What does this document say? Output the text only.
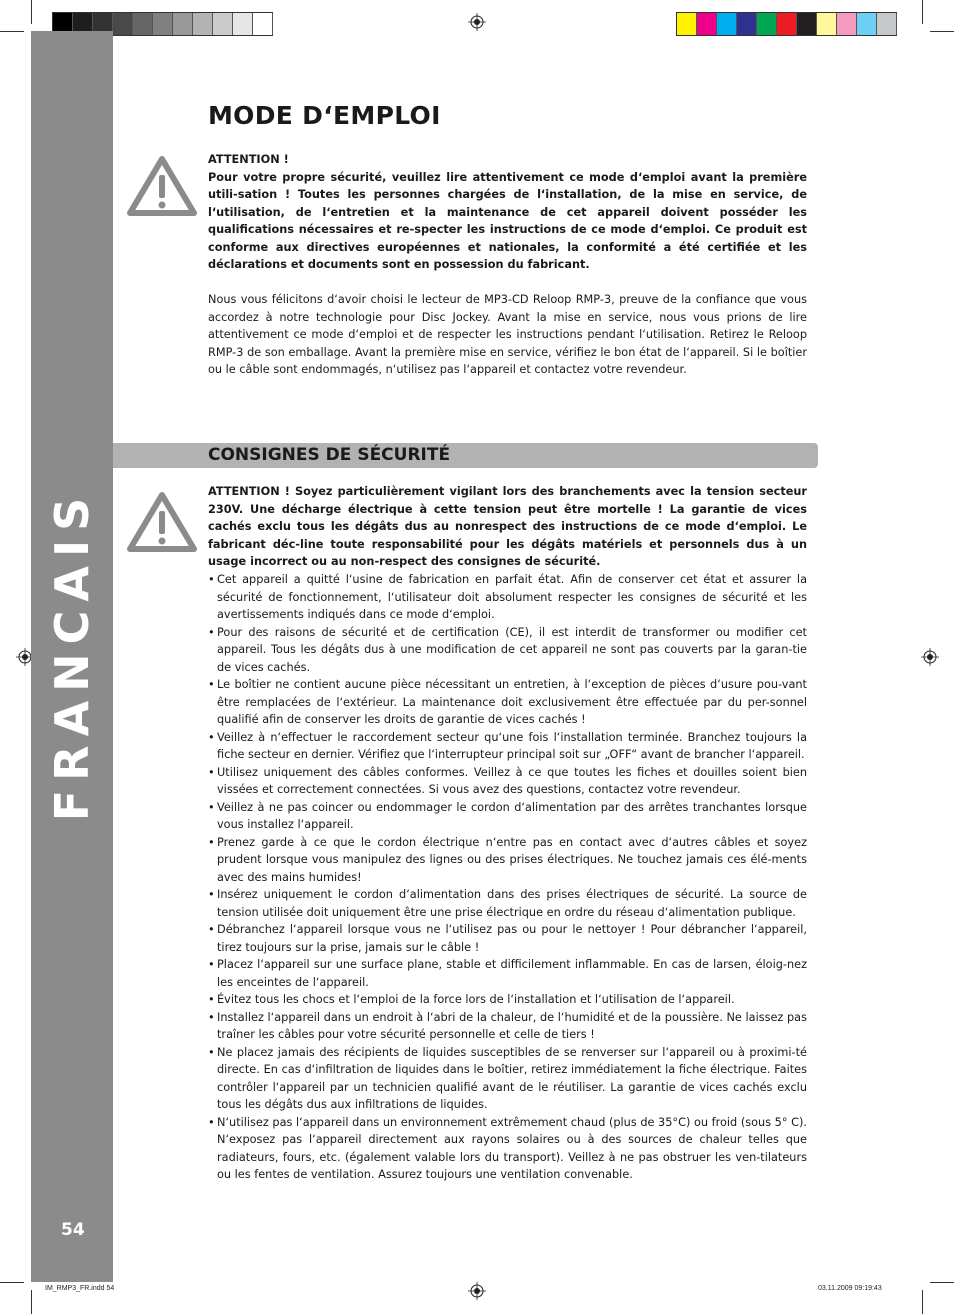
FRANCAIS
54
MODE D‘EMPLOI

ATTENTION !

Pour votre propre sécurité, veuillez lire attentivement ce mode d‘emploi avant la première utili-sation ! Toutes les personnes chargées de l‘installation, de la mise en service, de l‘utilisation, de l‘entretien et la maintenance de cet appareil doivent posséder les qualifications nécessaires et re-specter les instructions de ce mode d‘emploi. Ce produit est conforme aux directives européennes et nationales, la conformité a été certifiée et les déclarations et documents sont en possession du fabricant.

Nous vous félicitons d‘avoir choisi le lecteur de MP3-CD Reloop RMP-3, preuve de la confiance que vous accordez à notre technologie pour Disc Jockey. Avant la mise en service, nous vous prions de lire attentivement ce mode d‘emploi et de respecter les instructions pendant l‘utilisation. Retirez le Reloop RMP-3 de son emballage. Avant la première mise en service, vérifiez le bon état de l‘appareil. Si le boîtier ou le câble sont endommagés, n‘utilisez pas l‘appareil et contactez votre revendeur.
CONSIGNES DE SÉCURITÉ
ATTENTION ! Soyez particulièrement vigilant lors des branchements avec la tension secteur 230V. Une décharge électrique à cette tension peut être mortelle ! La garantie de vices cachés exclu tous les dégâts dus au nonrespect des instructions de ce mode d‘emploi. Le fabricant déc-line toute responsabilité pour les dégâts matériels et personnels dus à un usage incorrect ou au non-respect des consignes de sécurité.
• Cet appareil a quitté l‘usine de fabrication en parfait état. Afin de conserver cet état et assurer la sécurité de fonctionnement, l‘utilisateur doit absolument respecter les consignes de sécurité et les avertissements indiqués dans ce mode d‘emploi.
• Pour des raisons de sécurité et de certification (CE), il est interdit de transformer ou modifier cet appareil. Tous les dégâts dus à une modification de cet appareil ne sont pas couverts par la garan-tie de vices cachés.
• Le boîtier ne contient aucune pièce nécessitant un entretien, à l‘exception de pièces d‘usure pou-vant être remplacées de l‘extérieur. La maintenance doit exclusivement être effectuée par du per-sonnel qualifié afin de conserver les droits de garantie de vices cachés !
• Veillez à n‘effectuer le raccordement secteur qu‘une fois l‘installation terminée. Branchez toujours la fiche secteur en dernier. Vérifiez que l‘interrupteur principal soit sur „OFF“ avant de brancher l‘appareil.
• Utilisez uniquement des câbles conformes. Veillez à ce que toutes les fiches et douilles soient bien vissées et correctement connectées. Si vous avez des questions, contactez votre revendeur.
• Veillez à ne pas coincer ou endommager le cordon d‘alimentation par des arrêtes tranchantes lorsque vous installez l‘appareil.
• Prenez garde à ce que le cordon électrique n‘entre pas en contact avec d‘autres câbles et soyez prudent lorsque vous manipulez des lignes ou des prises électriques. Ne touchez jamais ces élé-ments avec des mains humides!
• Insérez uniquement le cordon d‘alimentation dans des prises électriques de sécurité. La source de tension utilisée doit uniquement être une prise électrique en ordre du réseau d‘alimentation publique.
• Débranchez l‘appareil lorsque vous ne l‘utilisez pas ou pour le nettoyer ! Pour débrancher l‘appareil, tirez toujours sur la prise, jamais sur le câble !
• Placez l‘appareil sur une surface plane, stable et difficilement inflammable. En cas de larsen, éloig-nez les enceintes de l‘appareil.
• Évitez tous les chocs et l‘emploi de la force lors de l‘installation et l‘utilisation de l‘appareil.
• Installez l‘appareil dans un endroit à l‘abri de la chaleur, de l‘humidité et de la poussière. Ne laissez pas traîner les câbles pour votre sécurité personnelle et celle de tiers !
• Ne placez jamais des récipients de liquides susceptibles de se renverser sur l‘appareil ou à proximi-té directe. En cas d‘infiltration de liquides dans le boîtier, retirez immédiatement la fiche électrique. Faites contrôler l‘appareil par un technicien qualifié avant de le réutiliser. La garantie de vices cachés exclu tous les dégâts dus aux infiltrations de liquides.
• N‘utilisez pas l‘appareil dans un environnement extrêmement chaud (plus de 35°C) ou froid (sous 5° C). N‘exposez pas l‘appareil directement aux rayons solaires ou à des sources de chaleur telles que radiateurs, fours, etc. (également valable lors du transport). Veillez à ne pas obstruer les ven-tilateurs ou les fentes de ventilation. Assurez toujours une ventilation convenable.
IM_RMP3_FR.indd 54	03.11.2009 09:19:43
